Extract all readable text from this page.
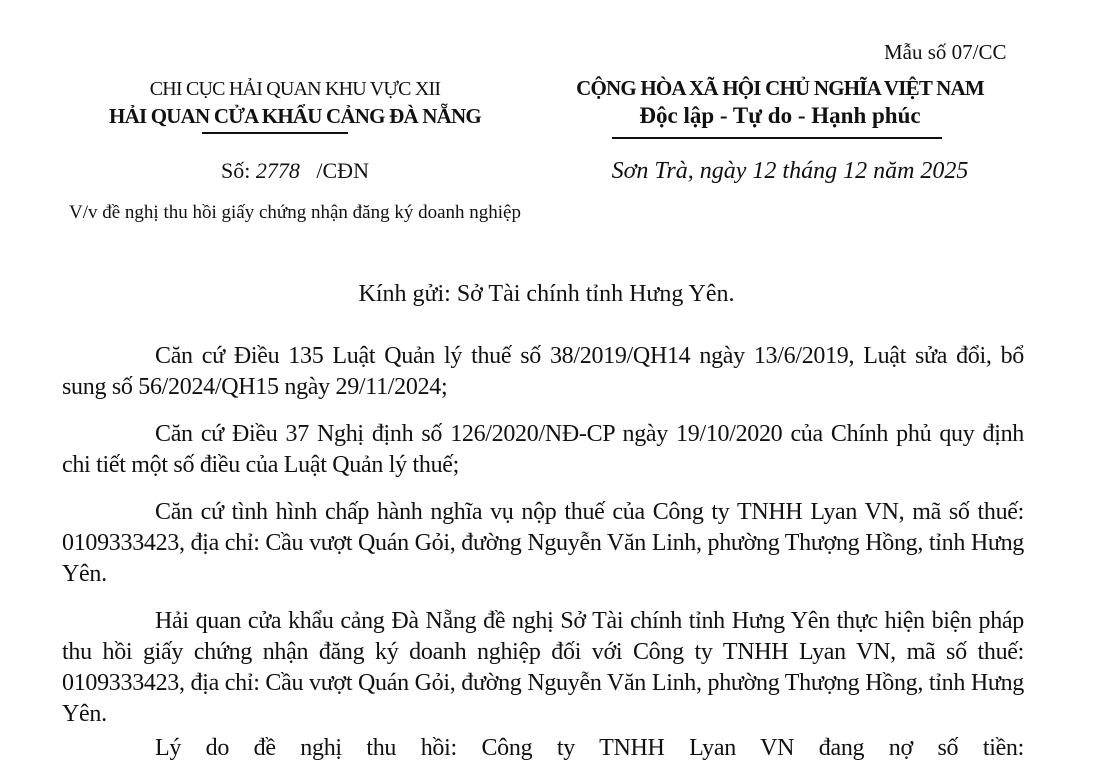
Mẫu số 07/CC
CHI CỤC HẢI QUAN KHU VỰC XII
HẢI QUAN CỬA KHẨU CẢNG ĐÀ NẴNG
CỘNG HÒA XÃ HỘI CHỦ NGHĨA VIỆT NAM
Độc lập - Tự do - Hạnh phúc
Số: 2778 /CĐN
V/v đề nghị thu hồi giấy chứng nhận đăng ký doanh nghiệp
Sơn Trà, ngày 12 tháng 12 năm 2025
Kính gửi: Sở Tài chính tỉnh Hưng Yên.
Căn cứ Điều 135 Luật Quản lý thuế số 38/2019/QH14 ngày 13/6/2019, Luật sửa đổi, bổ sung số 56/2024/QH15 ngày 29/11/2024;
Căn cứ Điều 37 Nghị định số 126/2020/NĐ-CP ngày 19/10/2020 của Chính phủ quy định chi tiết một số điều của Luật Quản lý thuế;
Căn cứ tình hình chấp hành nghĩa vụ nộp thuế của Công ty TNHH Lyan VN, mã số thuế: 0109333423, địa chỉ: Cầu vượt Quán Gỏi, đường Nguyễn Văn Linh, phường Thượng Hồng, tỉnh Hưng Yên.
Hải quan cửa khẩu cảng Đà Nẵng đề nghị Sở Tài chính tỉnh Hưng Yên thực hiện biện pháp thu hồi giấy chứng nhận đăng ký doanh nghiệp đối với Công ty TNHH Lyan VN, mã số thuế: 0109333423, địa chỉ: Cầu vượt Quán Gỏi, đường Nguyễn Văn Linh, phường Thượng Hồng, tỉnh Hưng Yên.
Lý do đề nghị thu hồi: Công ty TNHH Lyan VN đang nợ số tiền:
